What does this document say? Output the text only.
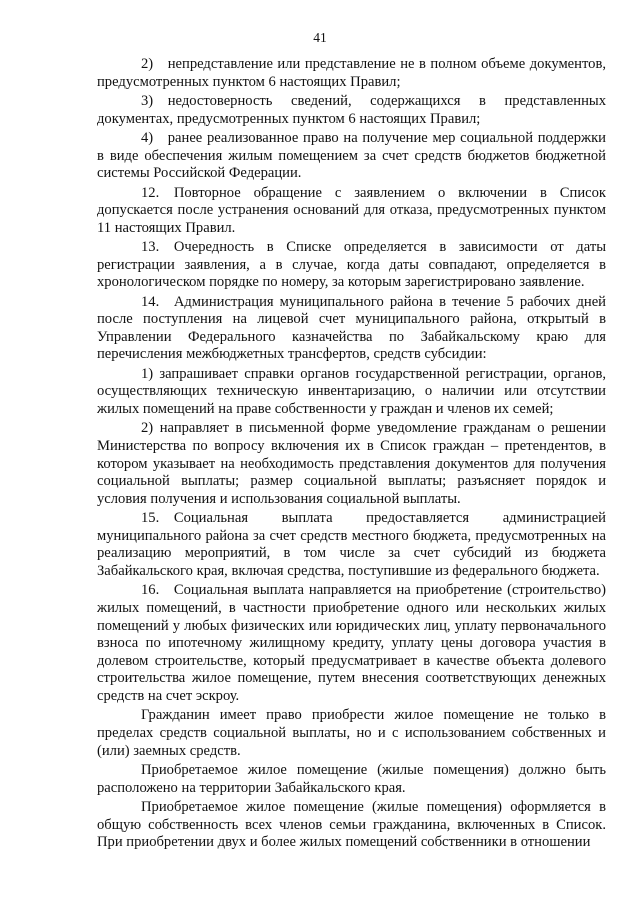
41

2) непредставление или представление не в полном объеме документов, предусмотренных пунктом 6 настоящих Правил;

3) недостоверность сведений, содержащихся в представленных документах, предусмотренных пунктом 6 настоящих Правил;

4) ранее реализованное право на получение мер социальной поддержки в виде обеспечения жилым помещением за счет средств бюджетов бюджетной системы Российской Федерации.

12. Повторное обращение с заявлением о включении в Список допускается после устранения оснований для отказа, предусмотренных пунктом 11 настоящих Правил.

13. Очередность в Списке определяется в зависимости от даты регистрации заявления, а в случае, когда даты совпадают, определяется в хронологическом порядке по номеру, за которым зарегистрировано заявление.

14. Администрация муниципального района в течение 5 рабочих дней после поступления на лицевой счет муниципального района, открытый в Управлении Федерального казначейства по Забайкальскому краю для перечисления межбюджетных трансфертов, средств субсидии:

1) запрашивает справки органов государственной регистрации, органов, осуществляющих техническую инвентаризацию, о наличии или отсутствии жилых помещений на праве собственности у граждан и членов их семей;

2) направляет в письменной форме уведомление гражданам о решении Министерства по вопросу включения их в Список граждан – претендентов, в котором указывает на необходимость представления документов для получения социальной выплаты; размер социальной выплаты; разъясняет порядок и условия получения и использования социальной выплаты.

15. Социальная выплата предоставляется администрацией муниципального района за счет средств местного бюджета, предусмотренных на реализацию мероприятий, в том числе за счет субсидий из бюджета Забайкальского края, включая средства, поступившие из федерального бюджета.

16. Социальная выплата направляется на приобретение (строительство) жилых помещений, в частности приобретение одного или нескольких жилых помещений у любых физических или юридических лиц, уплату первоначального взноса по ипотечному жилищному кредиту, уплату цены договора участия в долевом строительстве, который предусматривает в качестве объекта долевого строительства жилое помещение, путем внесения соответствующих денежных средств на счет эскроу.

Гражданин имеет право приобрести жилое помещение не только в пределах средств социальной выплаты, но и с использованием собственных и (или) заемных средств.

Приобретаемое жилое помещение (жилые помещения) должно быть расположено на территории Забайкальского края.

Приобретаемое жилое помещение (жилые помещения) оформляется в общую собственность всех членов семьи гражданина, включенных в Список. При приобретении двух и более жилых помещений собственники в отношении
